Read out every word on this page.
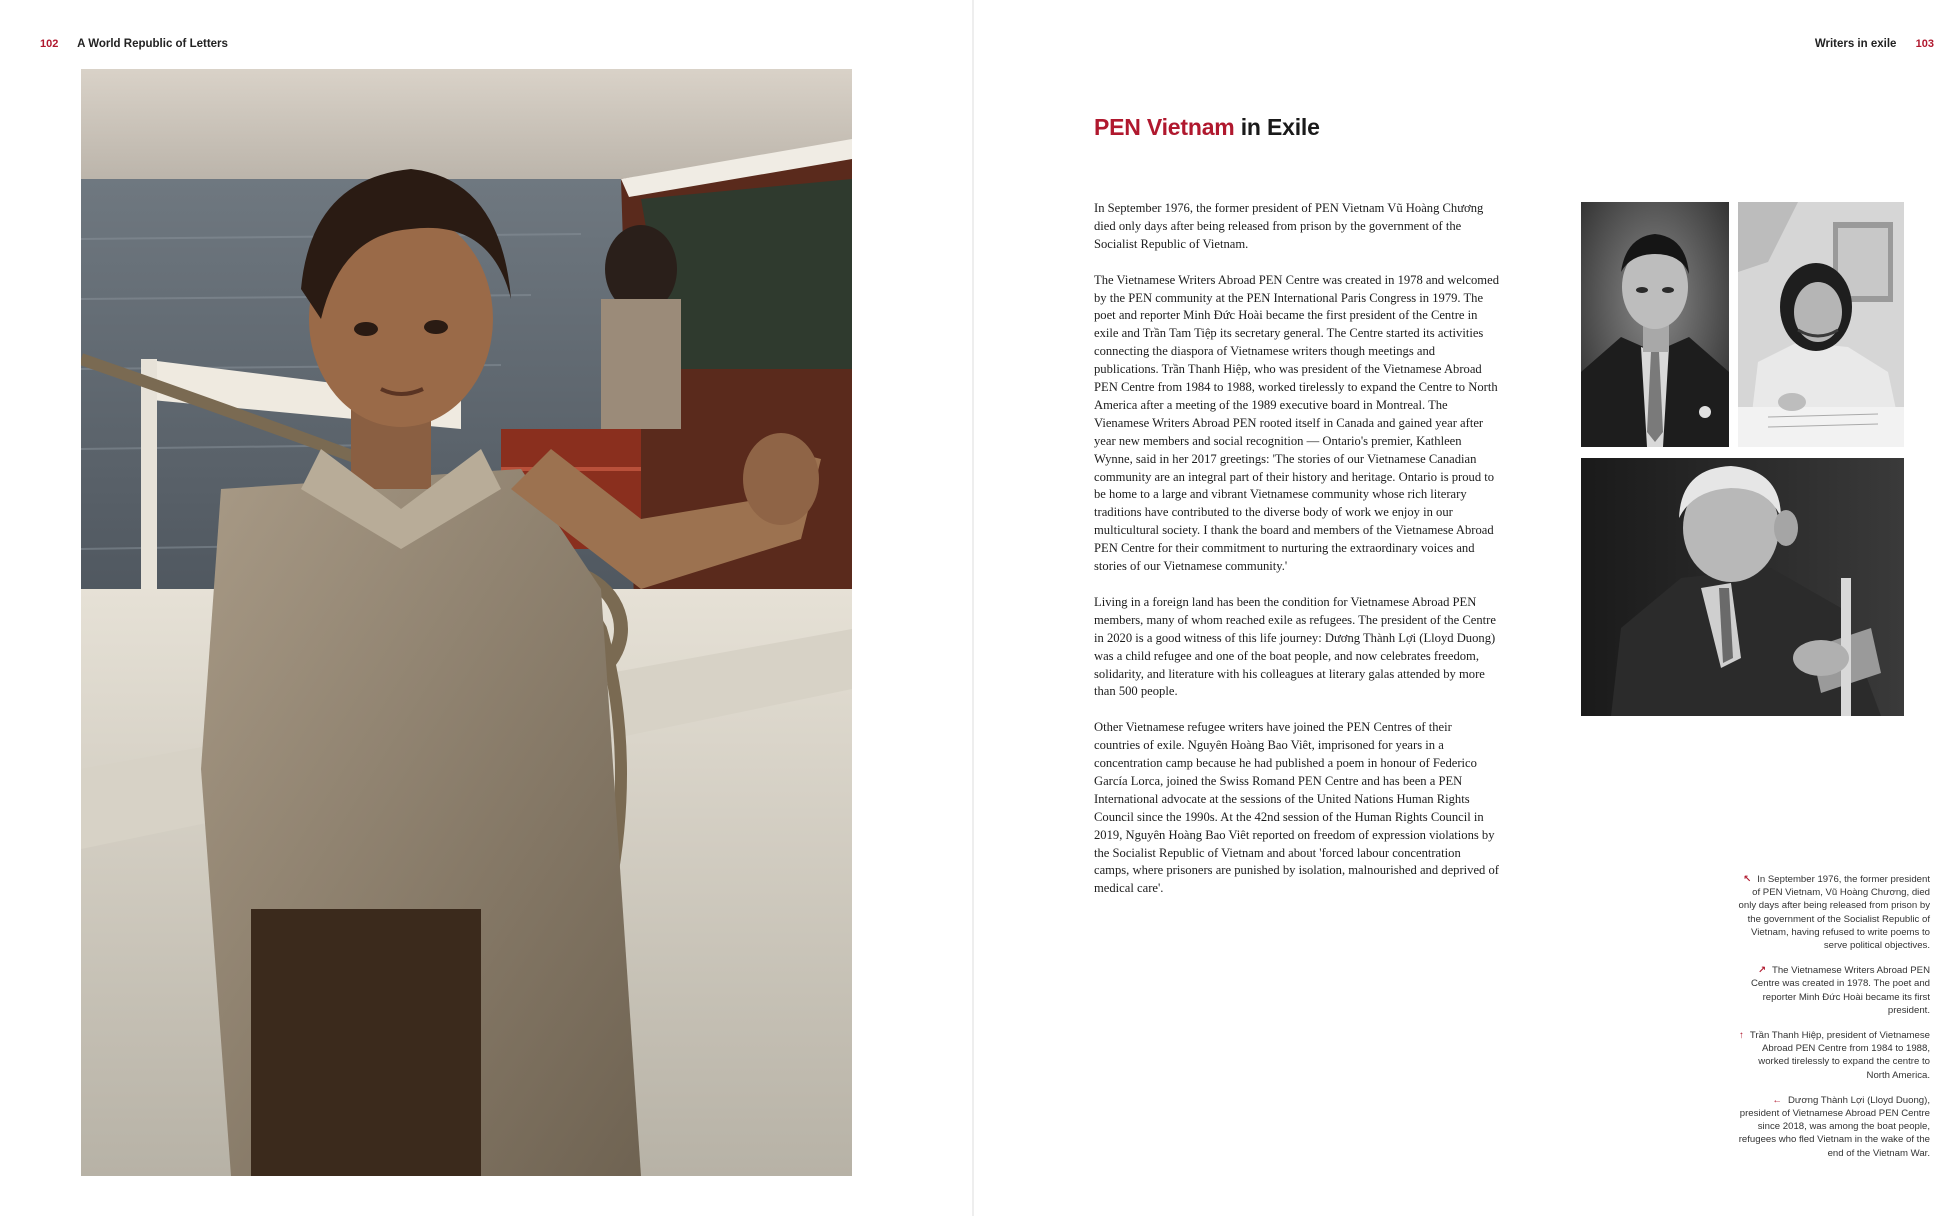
102 A World Republic of Letters	Writers in exile 103
PEN Vietnam in Exile

In September 1976, the former president of PEN Vietnam Vũ Hoàng Chương died only days after being released from prison by the government of the Socialist Republic of Vietnam.

The Vietnamese Writers Abroad PEN Centre was created in 1978 and welcomed by the PEN community at the PEN International Paris Congress in 1979. The poet and reporter Minh Đức Hoài became the first president of the Centre in exile and Trần Tam Tiệp its secretary general. The Centre started its activities connecting the diaspora of Vietnamese writers though meetings and publications. Trần Thanh Hiệp, who was president of the Vietnamese Abroad PEN Centre from 1984 to 1988, worked tirelessly to expand the Centre to North America after a meeting of the 1989 executive board in Montreal. The Vienamese Writers Abroad PEN rooted itself in Canada and gained year after year new members and social recognition — Ontario's premier, Kathleen Wynne, said in her 2017 greetings: 'The stories of our Vietnamese Canadian community are an integral part of their history and heritage. Ontario is proud to be home to a large and vibrant Vietnamese community whose rich literary traditions have contributed to the diverse body of work we enjoy in our multicultural society. I thank the board and members of the Vietnamese Abroad PEN Centre for their commitment to nurturing the extraordinary voices and stories of our Vietnamese community.'

Living in a foreign land has been the condition for Vietnamese Abroad PEN members, many of whom reached exile as refugees. The president of the Centre in 2020 is a good witness of this life journey: Dương Thành Lợi (Lloyd Duong) was a child refugee and one of the boat people, and now celebrates freedom, solidarity, and literature with his colleagues at literary galas attended by more than 500 people.

Other Vietnamese refugee writers have joined the PEN Centres of their countries of exile. Nguyên Hoàng Bao Viêt, imprisoned for years in a concentration camp because he had published a poem in honour of Federico García Lorca, joined the Swiss Romand PEN Centre and has been a PEN International advocate at the sessions of the United Nations Human Rights Council since the 1990s. At the 42nd session of the Human Rights Council in 2019, Nguyên Hoàng Bao Viêt reported on freedom of expression violations by the Socialist Republic of Vietnam and about 'forced labour concentration camps, where prisoners are punished by isolation, malnourished and deprived of medical care'.

↖ In September 1976, the former president of PEN Vietnam, Vũ Hoàng Chương, died only days after being released from prison by the government of the Socialist Republic of Vietnam, having refused to write poems to serve political objectives.

↗ The Vietnamese Writers Abroad PEN Centre was created in 1978. The poet and reporter Minh Đức Hoài became its first president.

↑ Trần Thanh Hiệp, president of Vietnamese Abroad PEN Centre from 1984 to 1988, worked tirelessly to expand the centre to North America.

← Dương Thành Lợi (Lloyd Duong), president of Vietnamese Abroad PEN Centre since 2018, was among the boat people, refugees who fled Vietnam in the wake of the end of the Vietnam War.
